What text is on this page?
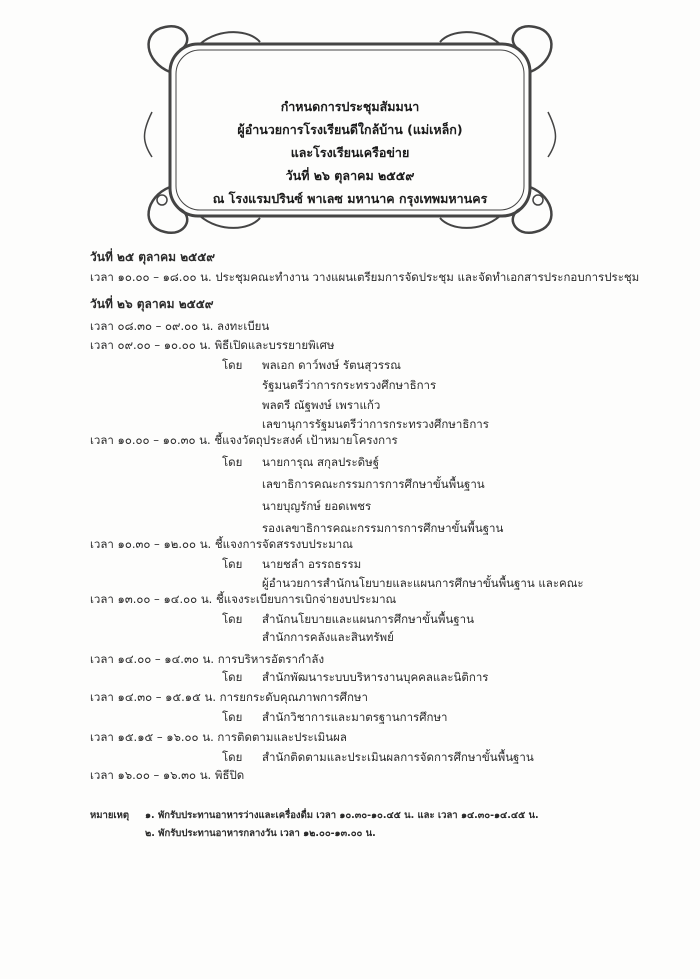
กำหนดการประชุมสัมมนา
ผู้อำนวยการโรงเรียนดีใกล้บ้าน (แม่เหล็ก)
และโรงเรียนเครือข่าย
วันที่ ๒๖ ตุลาคม ๒๕๕๙
ณ โรงแรมปรินซ์ พาเลซ มหานาค กรุงเทพมหานคร
วันที่ ๒๕ ตุลาคม ๒๕๕๙
เวลา ๑๐.๐๐ – ๑๘.๐๐ น. ประชุมคณะทำงาน วางแผนเตรียมการจัดประชุม และจัดทำเอกสารประกอบการประชุม
วันที่ ๒๖ ตุลาคม ๒๕๕๙
เวลา ๐๘.๓๐ – ๐๙.๐๐ น. ลงทะเบียน
เวลา ๐๙.๐๐ – ๑๐.๐๐ น. พิธีเปิดและบรรยายพิเศษ
โดย พลเอก ดาว์พงษ์ รัตนสุวรรณ
รัฐมนตรีว่าการกระทรวงศึกษาธิการ
พลตรี ณัฐพงษ์ เพราแก้ว
เลขานุการรัฐมนตรีว่าการกระทรวงศึกษาธิการ
เวลา ๑๐.๐๐ – ๑๐.๓๐ น. ชี้แจงวัตถุประสงค์ เป้าหมายโครงการ
โดย นายการุณ สกุลประดิษฐ์
เลขาธิการคณะกรรมการการศึกษาขั้นพื้นฐาน
นายบุญรักษ์ ยอดเพชร
รองเลขาธิการคณะกรรมการการศึกษาขั้นพื้นฐาน
เวลา ๑๐.๓๐ – ๑๒.๐๐ น. ชี้แจงการจัดสรรงบประมาณ
โดย นายชลำ อรรถธรรม
ผู้อำนวยการสำนักนโยบายและแผนการศึกษาขั้นพื้นฐาน และคณะ
เวลา ๑๓.๐๐ – ๑๔.๐๐ น. ชี้แจงระเบียบการเบิกจ่ายงบประมาณ
โดย สำนักนโยบายและแผนการศึกษาขั้นพื้นฐาน
สำนักการคลังและสินทรัพย์
เวลา ๑๔.๐๐ – ๑๔.๓๐ น. การบริหารอัตรากำลัง
โดย สำนักพัฒนาระบบบริหารงานบุคคลและนิติการ
เวลา ๑๔.๓๐ – ๑๕.๑๕ น. การยกระดับคุณภาพการศึกษา
โดย สำนักวิชาการและมาตรฐานการศึกษา
เวลา ๑๕.๑๕ – ๑๖.๐๐ น. การติดตามและประเมินผล
โดย สำนักติดตามและประเมินผลการจัดการศึกษาขั้นพื้นฐาน
เวลา ๑๖.๐๐ – ๑๖.๓๐ น. พิธีปิด
หมายเหตุ ๑. พักรับประทานอาหารว่างและเครื่องดื่ม เวลา ๑๐.๓๐-๑๐.๔๕ น. และ เวลา ๑๔.๓๐-๑๔.๔๕ น.
๒. พักรับประทานอาหารกลางวัน เวลา ๑๒.๐๐-๑๓.๐๐ น.
